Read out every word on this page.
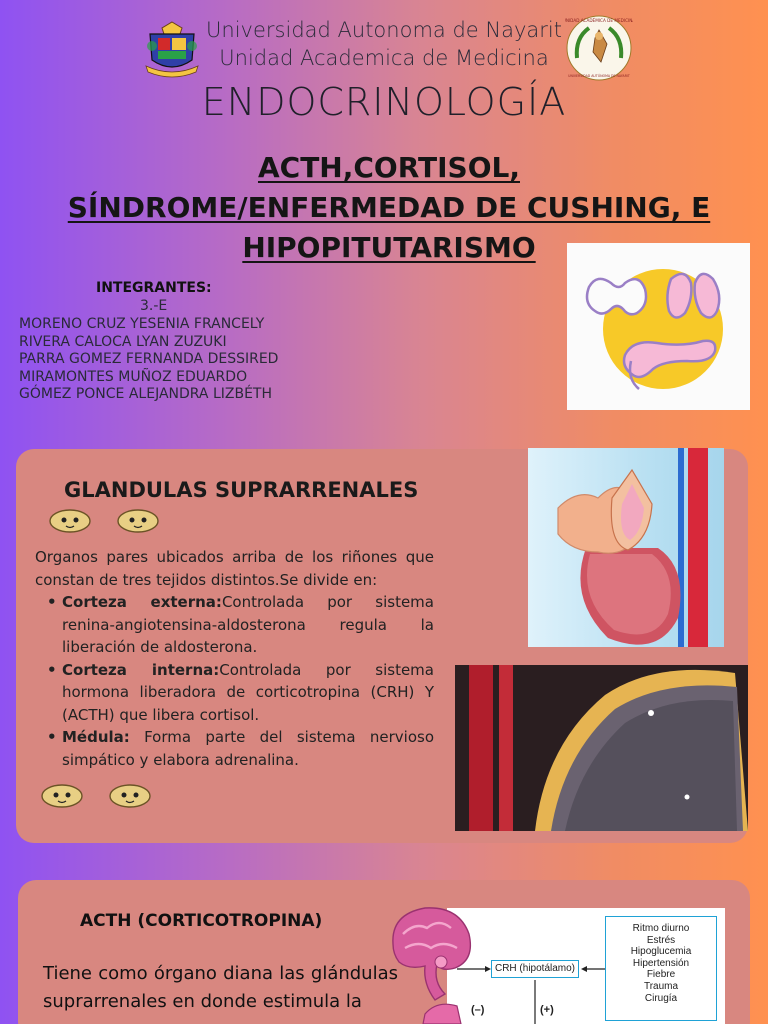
Universidad Autonoma de Nayarit
Unidad Academica de Medicina
UNIDAD ACADÉMICA DE MEDICINA
UNIVERSIDAD AUTÓNOMA DE NAYARIT
ENDOCRINOLOGÍA
ACTH,CORTISOL,
SÍNDROME/ENFERMEDAD DE CUSHING, E
HIPOPITUTARISMO
INTEGRANTES:
3.-E
MORENO CRUZ YESENIA FRANCELY
RIVERA CALOCA LYAN ZUZUKI
PARRA GOMEZ FERNANDA DESSIRED
MIRAMONTES MUÑOZ EDUARDO
GÓMEZ PONCE ALEJANDRA LIZBÉTH
GLANDULAS SUPRARRENALES

Organos pares ubicados arriba de los riñones que constan de tres tejidos distintos.Se divide en:

• Corteza externa:Controlada por sistema renina-angiotensina-aldosterona regula la liberación de aldosterona.
• Corteza interna:Controlada por sistema hormona liberadora de corticotropina (CRH) Y (ACTH) que libera cortisol.
• Médula: Forma parte del sistema nervioso simpático y elabora adrenalina.
ACTH (CORTICOTROPINA)
Tiene como órgano diana las glándulas suprarrenales en donde estimula la
Ritmo diurno
Estrés
Hipoglucemia
Hipertensión
Fiebre
Trauma
Cirugía
CRH (hipotálamo)
(–)	(+)
